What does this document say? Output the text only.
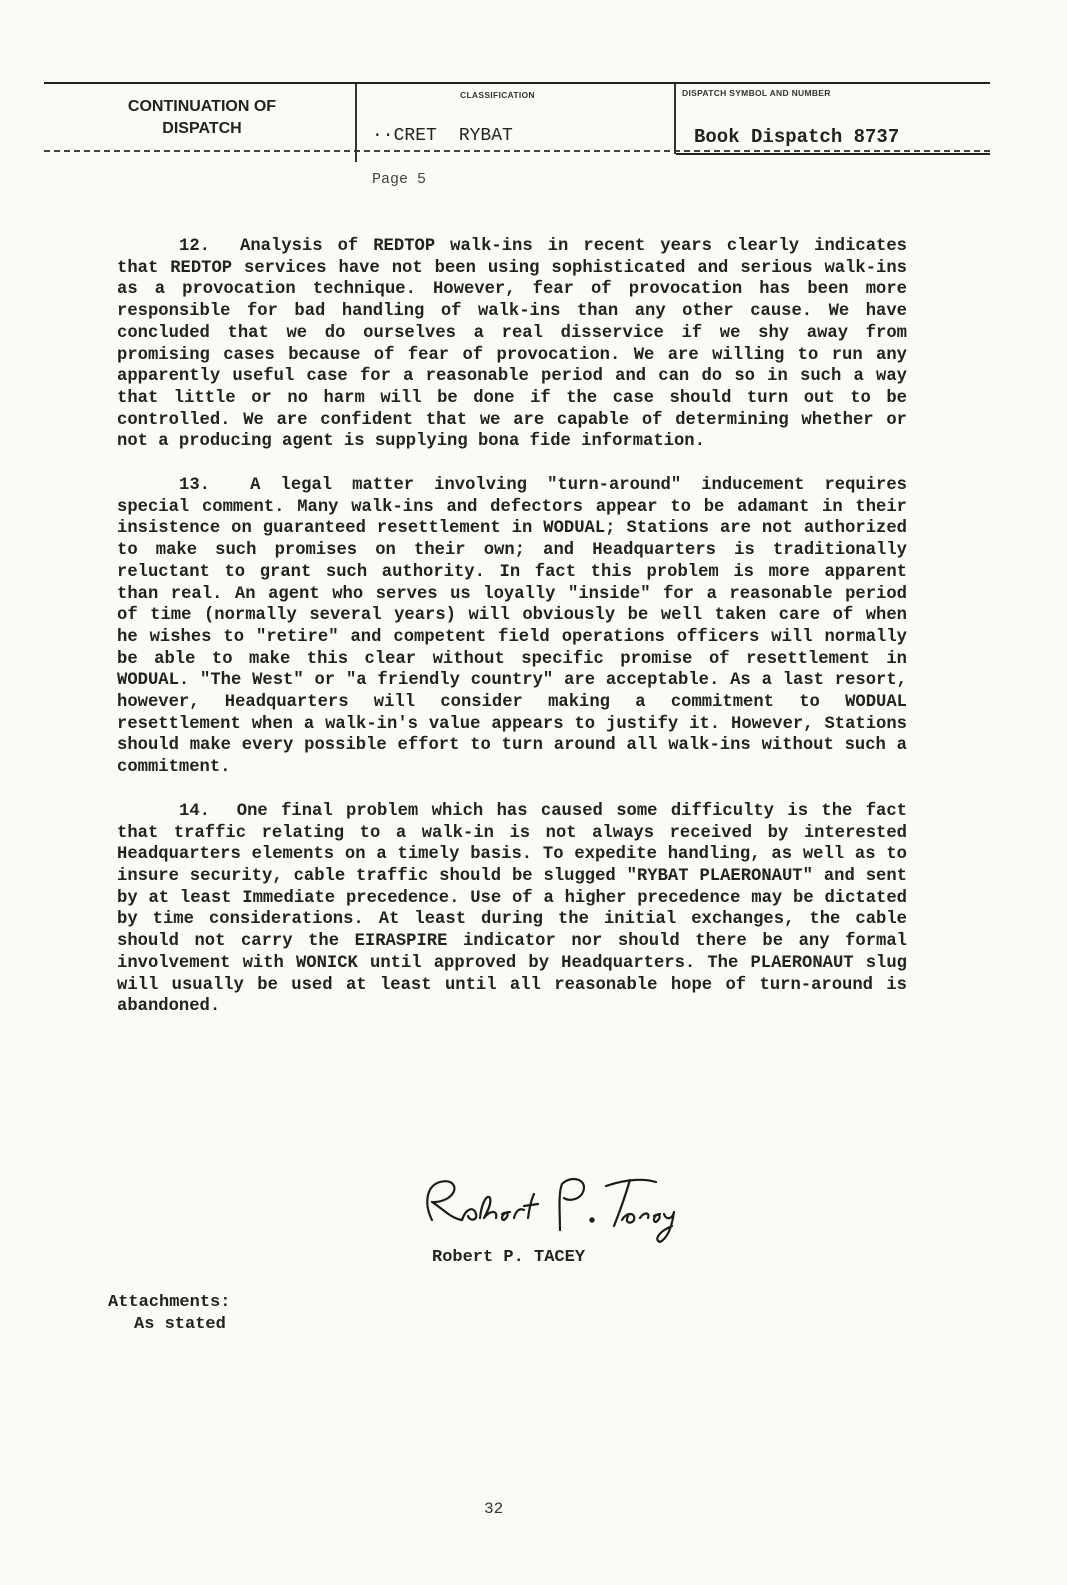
CONTINUATION OF
DISPATCH
CLASSIFICATION	DISPATCH SYMBOL AND NUMBER
··CRET RYBAT	Book Dispatch 8737
Page 5

12. Analysis of REDTOP walk-ins in recent years clearly indicates that REDTOP services have not been using sophisticated and serious walk-ins as a provocation technique. However, fear of provocation has been more responsible for bad handling of walk-ins than any other cause. We have concluded that we do ourselves a real disservice if we shy away from promising cases because of fear of provocation. We are willing to run any apparently useful case for a reasonable period and can do so in such a way that little or no harm will be done if the case should turn out to be controlled. We are confident that we are capable of determining whether or not a producing agent is supplying bona fide information.

13. A legal matter involving "turn-around" inducement requires special comment. Many walk-ins and defectors appear to be adamant in their insistence on guaranteed resettlement in WODUAL; Stations are not authorized to make such promises on their own; and Headquarters is traditionally reluctant to grant such authority. In fact this problem is more apparent than real. An agent who serves us loyally "inside" for a reasonable period of time (normally several years) will obviously be well taken care of when he wishes to "retire" and competent field operations officers will normally be able to make this clear without specific promise of resettlement in WODUAL. "The West" or "a friendly country" are acceptable. As a last resort, however, Headquarters will consider making a commitment to WODUAL resettlement when a walk-in's value appears to justify it. However, Stations should make every possible effort to turn around all walk-ins without such a commitment.

14. One final problem which has caused some difficulty is the fact that traffic relating to a walk-in is not always received by interested Headquarters elements on a timely basis. To expedite handling, as well as to insure security, cable traffic should be slugged "RYBAT PLAERONAUT" and sent by at least Immediate precedence. Use of a higher precedence may be dictated by time considerations. At least during the initial exchanges, the cable should not carry the EIRASPIRE indicator nor should there be any formal involvement with WONICK until approved by Headquarters. The PLAERONAUT slug will usually be used at least until all reasonable hope of turn-around is abandoned.

Robert P. TACEY
Attachments:
As stated
32
